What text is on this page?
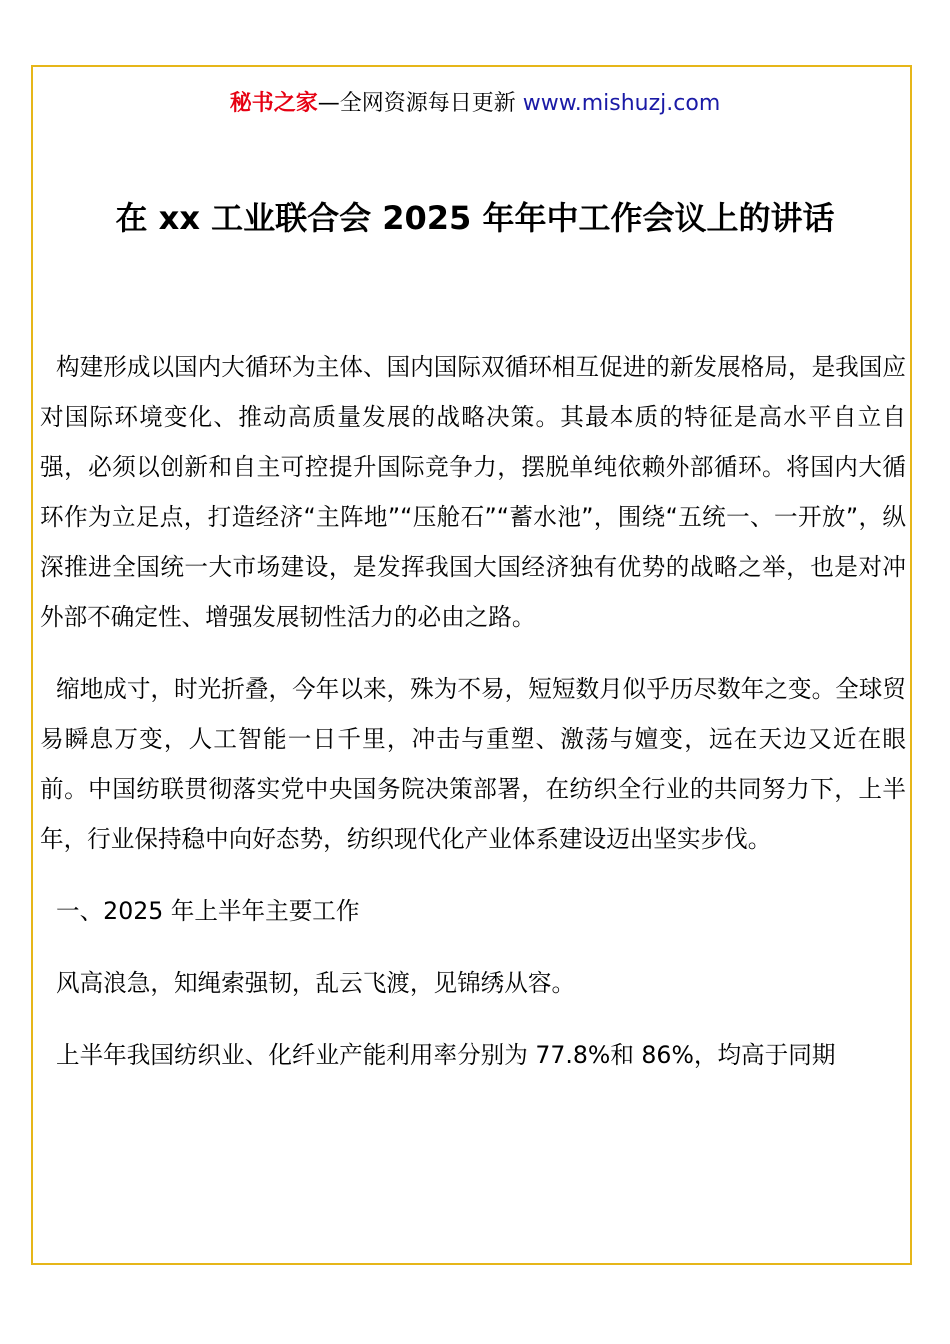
秘书之家—全网资源每日更新 www.mishuzj.com
在 xx 工业联合会 2025 年年中工作会议上的讲话

构建形成以国内大循环为主体、国内国际双循环相互促进的新发展格局，是我国应对国际环境变化、推动高质量发展的战略决策。其最本质的特征是高水平自立自强，必须以创新和自主可控提升国际竞争力，摆脱单纯依赖外部循环。将国内大循环作为立足点，打造经济“主阵地”“压舱石”“蓄水池”，围绕“五统一、一开放”，纵深推进全国统一大市场建设，是发挥我国大国经济独有优势的战略之举，也是对冲外部不确定性、增强发展韧性活力的必由之路。

缩地成寸，时光折叠，今年以来，殊为不易，短短数月似乎历尽数年之变。全球贸易瞬息万变，人工智能一日千里，冲击与重塑、激荡与嬗变，远在天边又近在眼前。中国纺联贯彻落实党中央国务院决策部署，在纺织全行业的共同努力下，上半年，行业保持稳中向好态势，纺织现代化产业体系建设迈出坚实步伐。

一、2025 年上半年主要工作

风高浪急，知绳索强韧，乱云飞渡，见锦绣从容。

上半年我国纺织业、化纤业产能利用率分别为 77.8%和 86%，均高于同期
